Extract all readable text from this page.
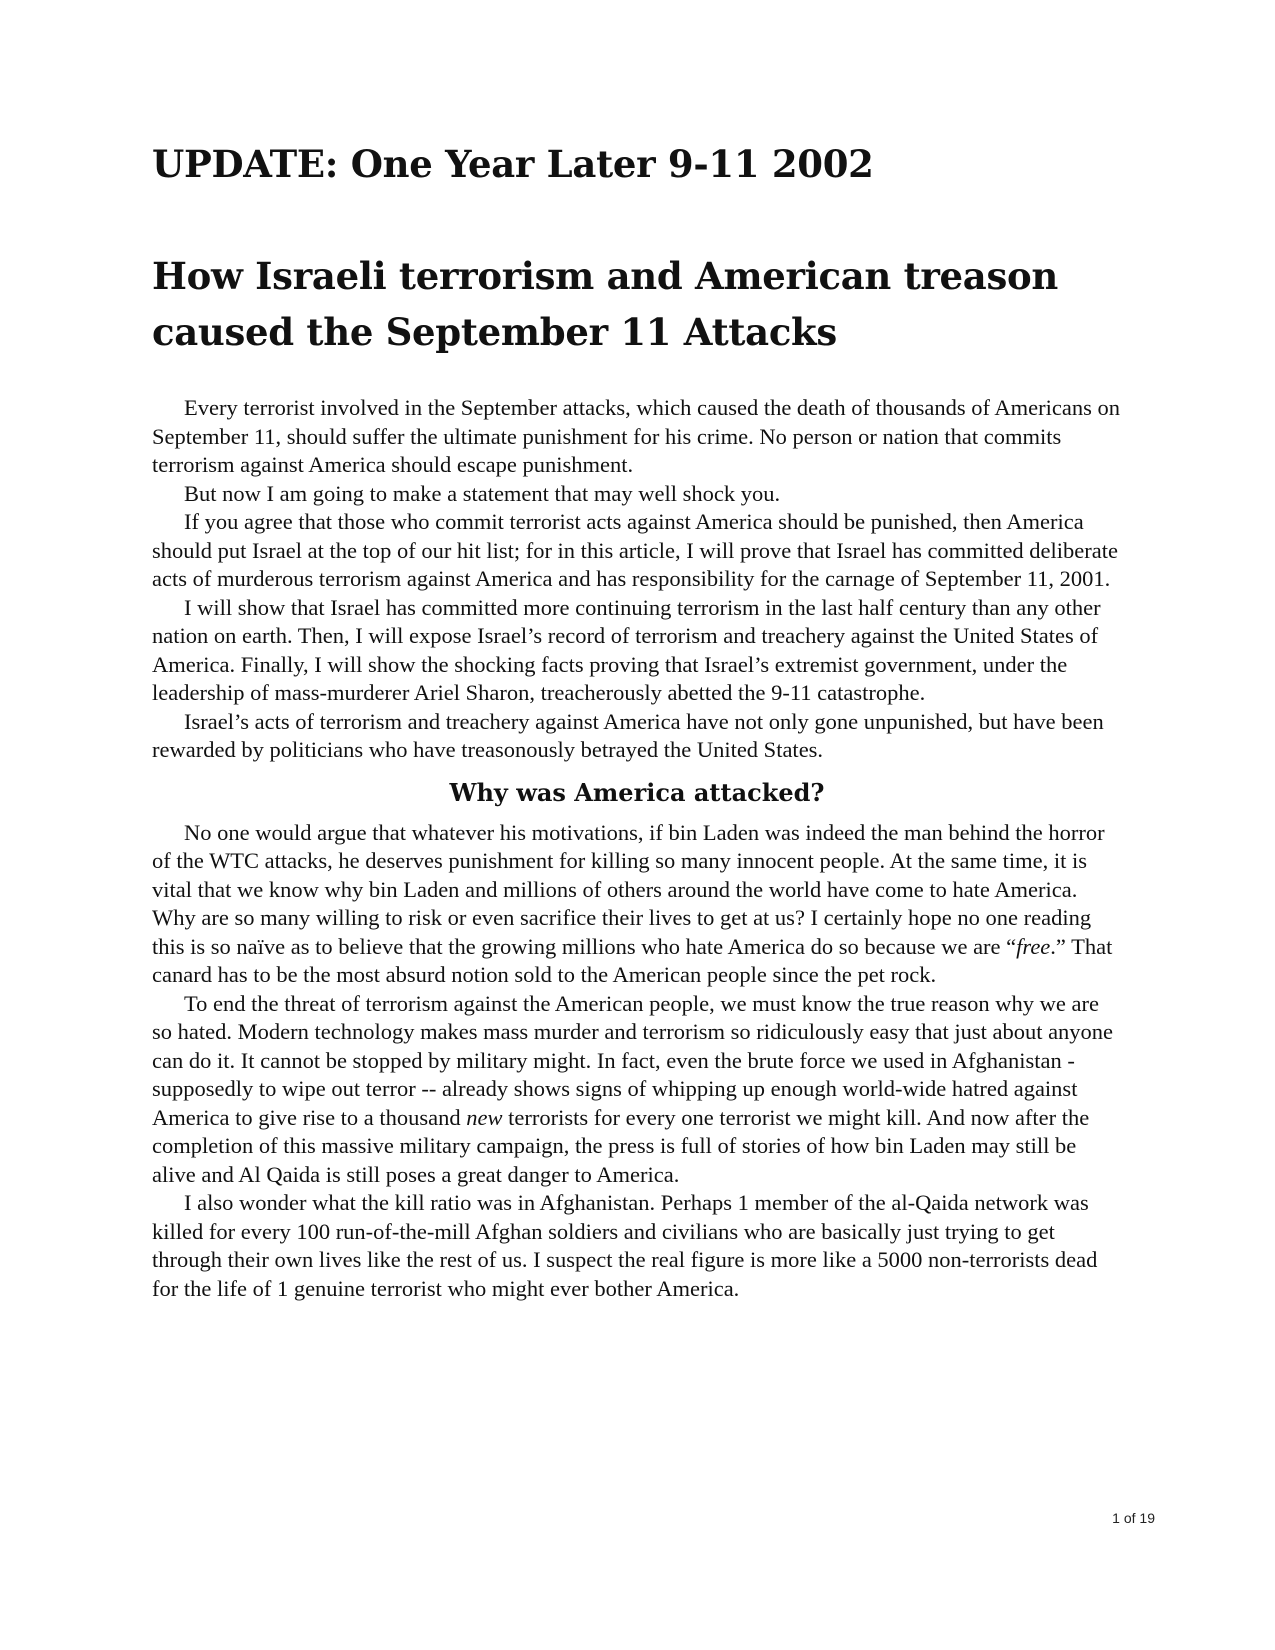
UPDATE: One Year Later 9-11 2002
How Israeli terrorism and American treason caused the September 11 Attacks

Every terrorist involved in the September attacks, which caused the death of thousands of Americans on September 11, should suffer the ultimate punishment for his crime. No person or nation that commits terrorism against America should escape punishment.

But now I am going to make a statement that may well shock you.

If you agree that those who commit terrorist acts against America should be punished, then America should put Israel at the top of our hit list; for in this article, I will prove that Israel has committed deliberate acts of murderous terrorism against America and has responsibility for the carnage of September 11, 2001.

I will show that Israel has committed more continuing terrorism in the last half century than any other nation on earth. Then, I will expose Israel’s record of terrorism and treachery against the United States of America. Finally, I will show the shocking facts proving that Israel’s extremist government, under the leadership of mass-murderer Ariel Sharon, treacherously abetted the 9-11 catastrophe.

Israel’s acts of terrorism and treachery against America have not only gone unpunished, but have been rewarded by politicians who have treasonously betrayed the United States.

Why was America attacked?

No one would argue that whatever his motivations, if bin Laden was indeed the man behind the horror of the WTC attacks, he deserves punishment for killing so many innocent people. At the same time, it is vital that we know why bin Laden and millions of others around the world have come to hate America. Why are so many willing to risk or even sacrifice their lives to get at us? I certainly hope no one reading this is so naïve as to believe that the growing millions who hate America do so because we are “free.” That canard has to be the most absurd notion sold to the American people since the pet rock.

To end the threat of terrorism against the American people, we must know the true reason why we are so hated. Modern technology makes mass murder and terrorism so ridiculously easy that just about anyone can do it. It cannot be stopped by military might. In fact, even the brute force we used in Afghanistan - supposedly to wipe out terror -- already shows signs of whipping up enough world-wide hatred against America to give rise to a thousand new terrorists for every one terrorist we might kill. And now after the completion of this massive military campaign, the press is full of stories of how bin Laden may still be alive and Al Qaida is still poses a great danger to America.

I also wonder what the kill ratio was in Afghanistan. Perhaps 1 member of the al-Qaida network was killed for every 100 run-of-the-mill Afghan soldiers and civilians who are basically just trying to get through their own lives like the rest of us. I suspect the real figure is more like a 5000 non-terrorists dead for the life of 1 genuine terrorist who might ever bother America.

1 of 19
